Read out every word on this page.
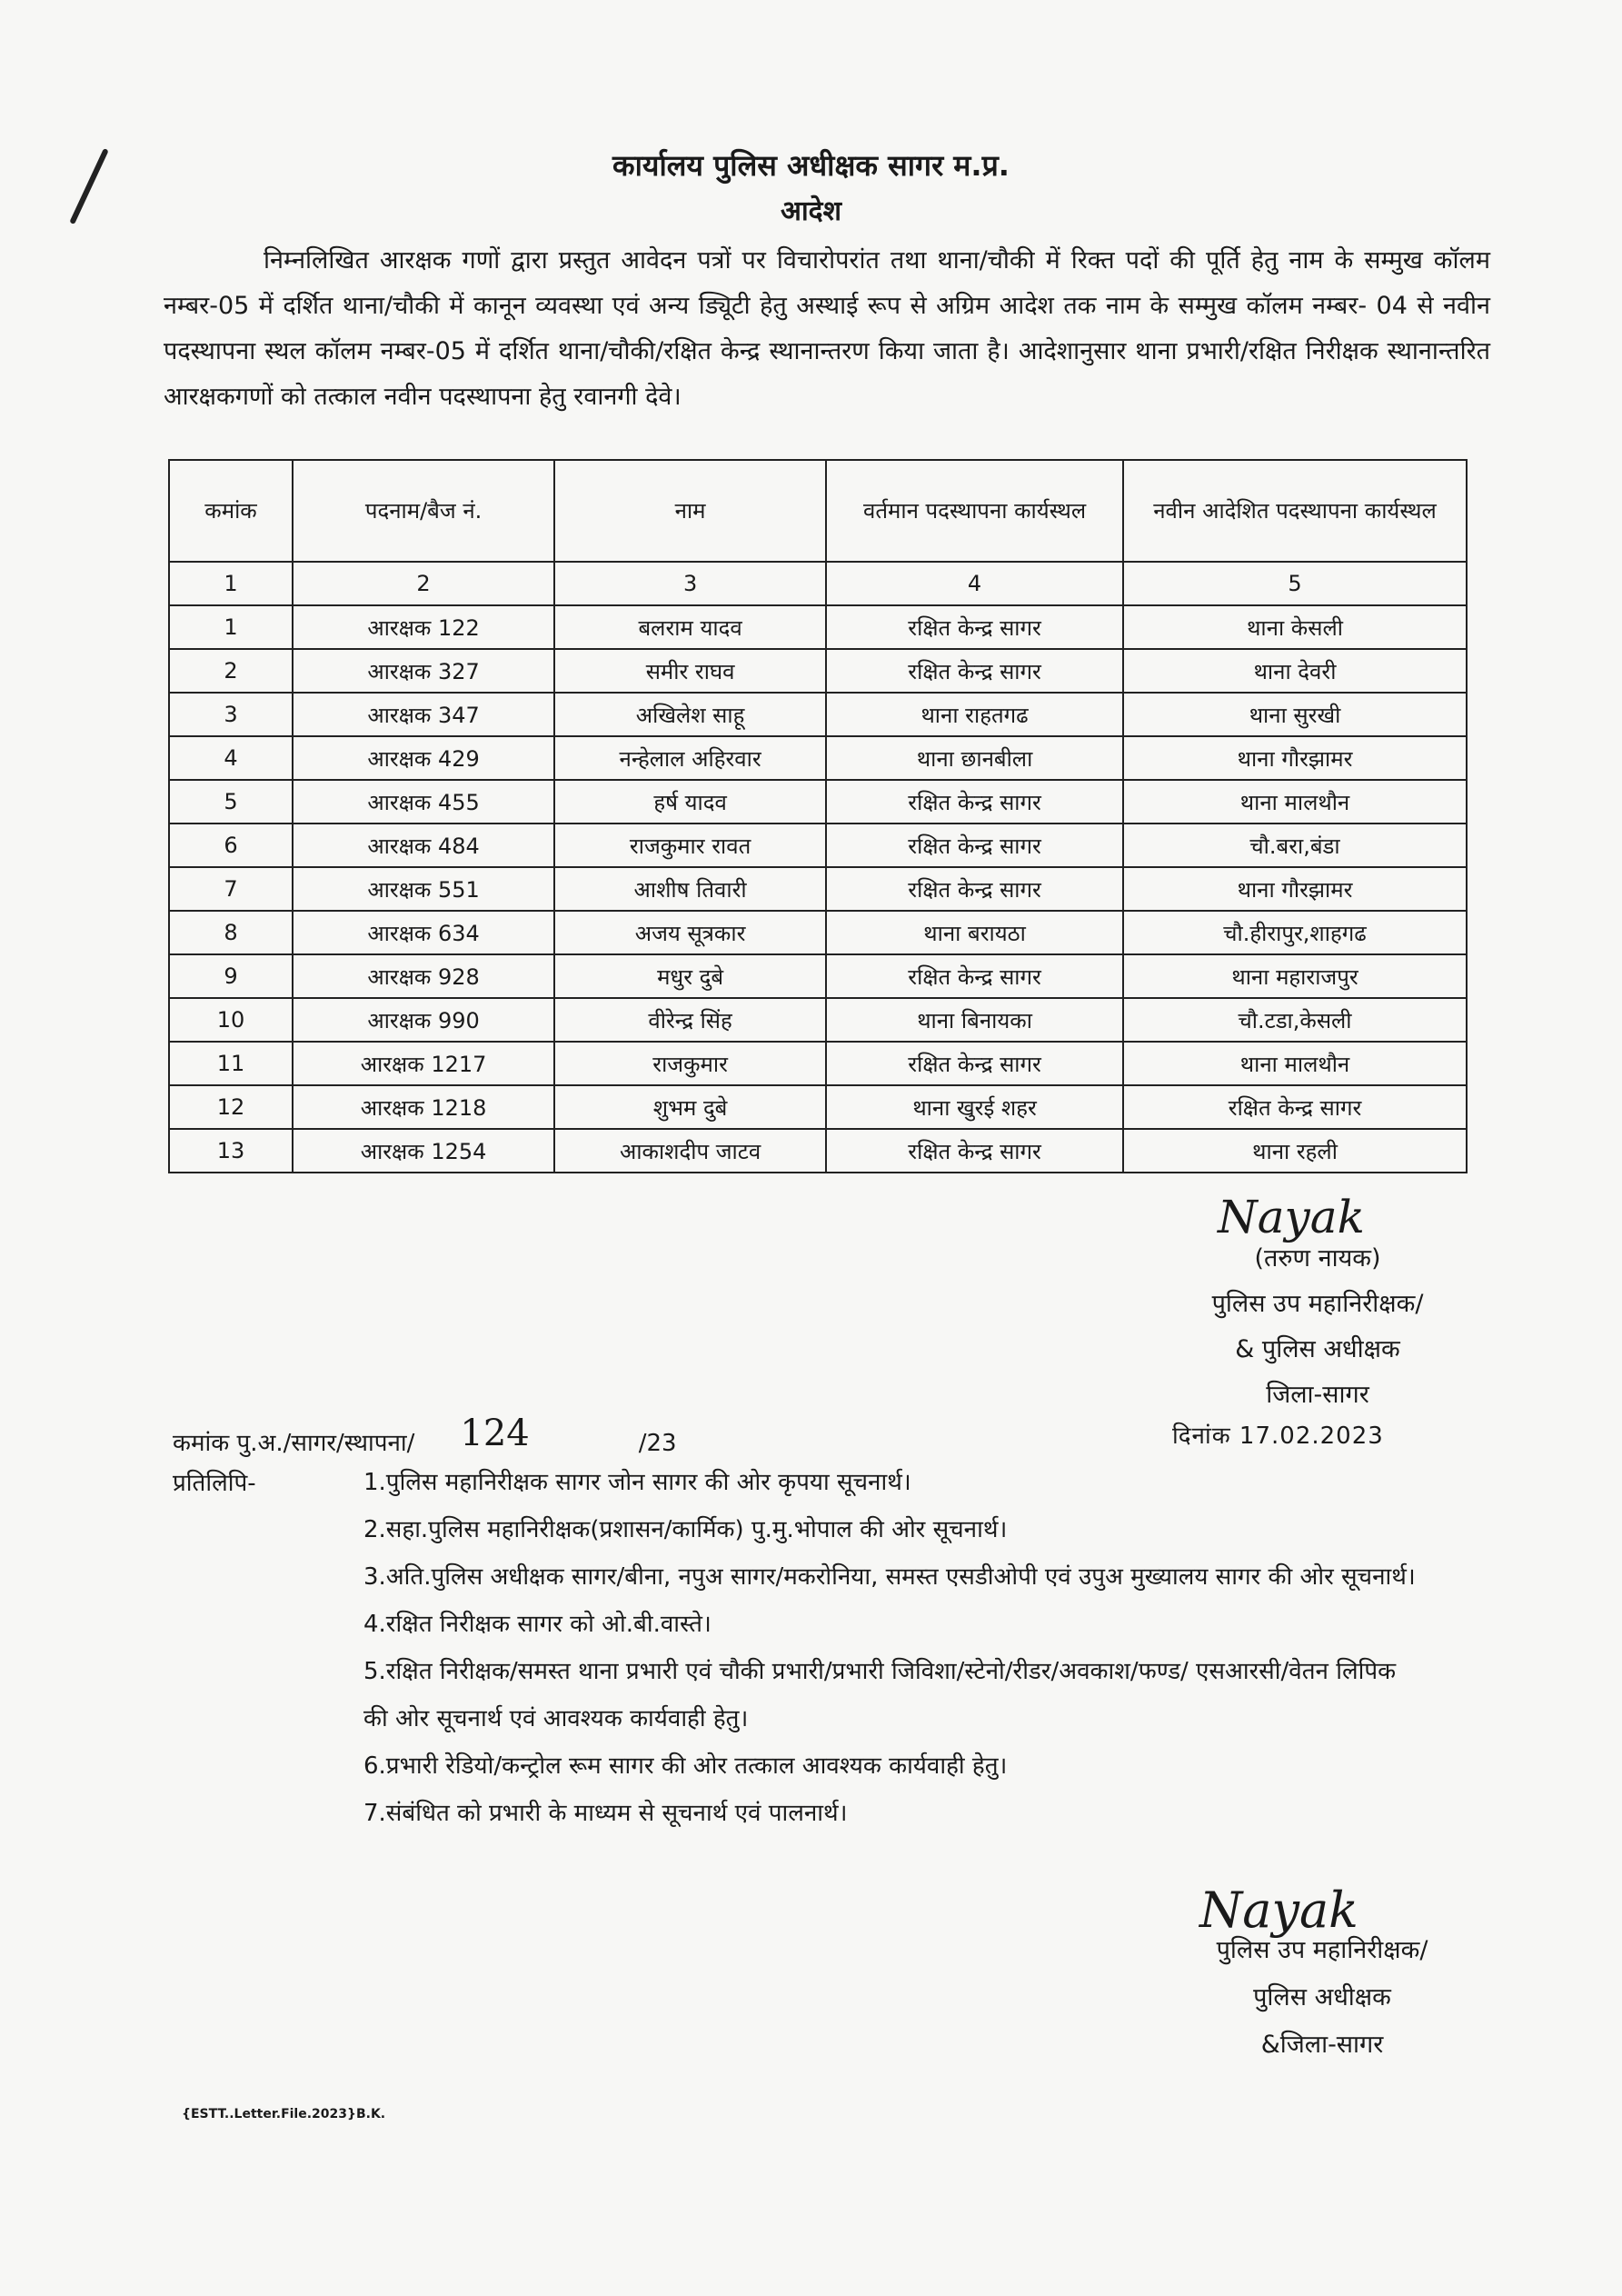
कार्यालय पुलिस अधीक्षक सागर म.प्र.
आदेश
निम्नलिखित आरक्षक गणों द्वारा प्रस्तुत आवेदन पत्रों पर विचारोपरांत तथा थाना/चौकी में रिक्त पदों की पूर्ति हेतु नाम के सम्मुख कॉलम नम्बर-05 में दर्शित थाना/चौकी में कानून व्यवस्था एवं अन्य ड्यिूटी हेतु अस्थाई रूप से अग्रिम आदेश तक नाम के सम्मुख कॉलम नम्बर- 04 से नवीन पदस्थापना स्थल कॉलम नम्बर-05 में दर्शित थाना/चौकी/रक्षित केन्द्र स्थानान्तरण किया जाता है। आदेशानुसार थाना प्रभारी/रक्षित निरीक्षक स्थानान्तरित आरक्षकगणों को तत्काल नवीन पदस्थापना हेतु रवानगी देवे।
कमांक	पदनाम/बैज नं.	नाम	वर्तमान पदस्थापना कार्यस्थल	नवीन आदेशित पदस्थापना कार्यस्थल
1	2	3	4	5
1	आरक्षक 122	बलराम यादव	रक्षित केन्द्र सागर	थाना केसली
2	आरक्षक 327	समीर राघव	रक्षित केन्द्र सागर	थाना देवरी
3	आरक्षक 347	अखिलेश साहू	थाना राहतगढ	थाना सुरखी
4	आरक्षक 429	नन्हेलाल अहिरवार	थाना छानबीला	थाना गौरझामर
5	आरक्षक 455	हर्ष यादव	रक्षित केन्द्र सागर	थाना मालथौन
6	आरक्षक 484	राजकुमार रावत	रक्षित केन्द्र सागर	चौ.बरा,बंडा
7	आरक्षक 551	आशीष तिवारी	रक्षित केन्द्र सागर	थाना गौरझामर
8	आरक्षक 634	अजय सूत्रकार	थाना बरायठा	चौ.हीरापुर,शाहगढ
9	आरक्षक 928	मधुर दुबे	रक्षित केन्द्र सागर	थाना महाराजपुर
10	आरक्षक 990	वीरेन्द्र सिंह	थाना बिनायका	चौ.टडा,केसली
11	आरक्षक 1217	राजकुमार	रक्षित केन्द्र सागर	थाना मालथौन
12	आरक्षक 1218	शुभम दुबे	थाना खुरई शहर	रक्षित केन्द्र सागर
13	आरक्षक 1254	आकाशदीप जाटव	रक्षित केन्द्र सागर	थाना रहली
Nayak
(तरुण नायक)
पुलिस उप महानिरीक्षक/
& पुलिस अधीक्षक
जिला-सागर
कमांक पु.अ./सागर/स्थापना/ 124	/23	दिनांक 17.02.2023
प्रतिलिपि-	1.पुलिस महानिरीक्षक सागर जोन सागर की ओर कृपया सूचनार्थ।
2.सहा.पुलिस महानिरीक्षक(प्रशासन/कार्मिक) पु.मु.भोपाल की ओर सूचनार्थ।
3.अति.पुलिस अधीक्षक सागर/बीना, नपुअ सागर/मकरोनिया, समस्त एसडीओपी एवं उपुअ मुख्यालय सागर की ओर सूचनार्थ।
4.रक्षित निरीक्षक सागर को ओ.बी.वास्ते।
5.रक्षित निरीक्षक/समस्त थाना प्रभारी एवं चौकी प्रभारी/प्रभारी जिविशा/स्टेनो/रीडर/अवकाश/फण्ड/ एसआरसी/वेतन लिपिक की ओर सूचनार्थ एवं आवश्यक कार्यवाही हेतु।
6.प्रभारी रेडियो/कन्ट्रोल रूम सागर की ओर तत्काल आवश्यक कार्यवाही हेतु।
7.संबंधित को प्रभारी के माध्यम से सूचनार्थ एवं पालनार्थ।
Nayak
पुलिस उप महानिरीक्षक/
पुलिस अधीक्षक
&जिला-सागर
{ESTT..Letter.File.2023}B.K.
